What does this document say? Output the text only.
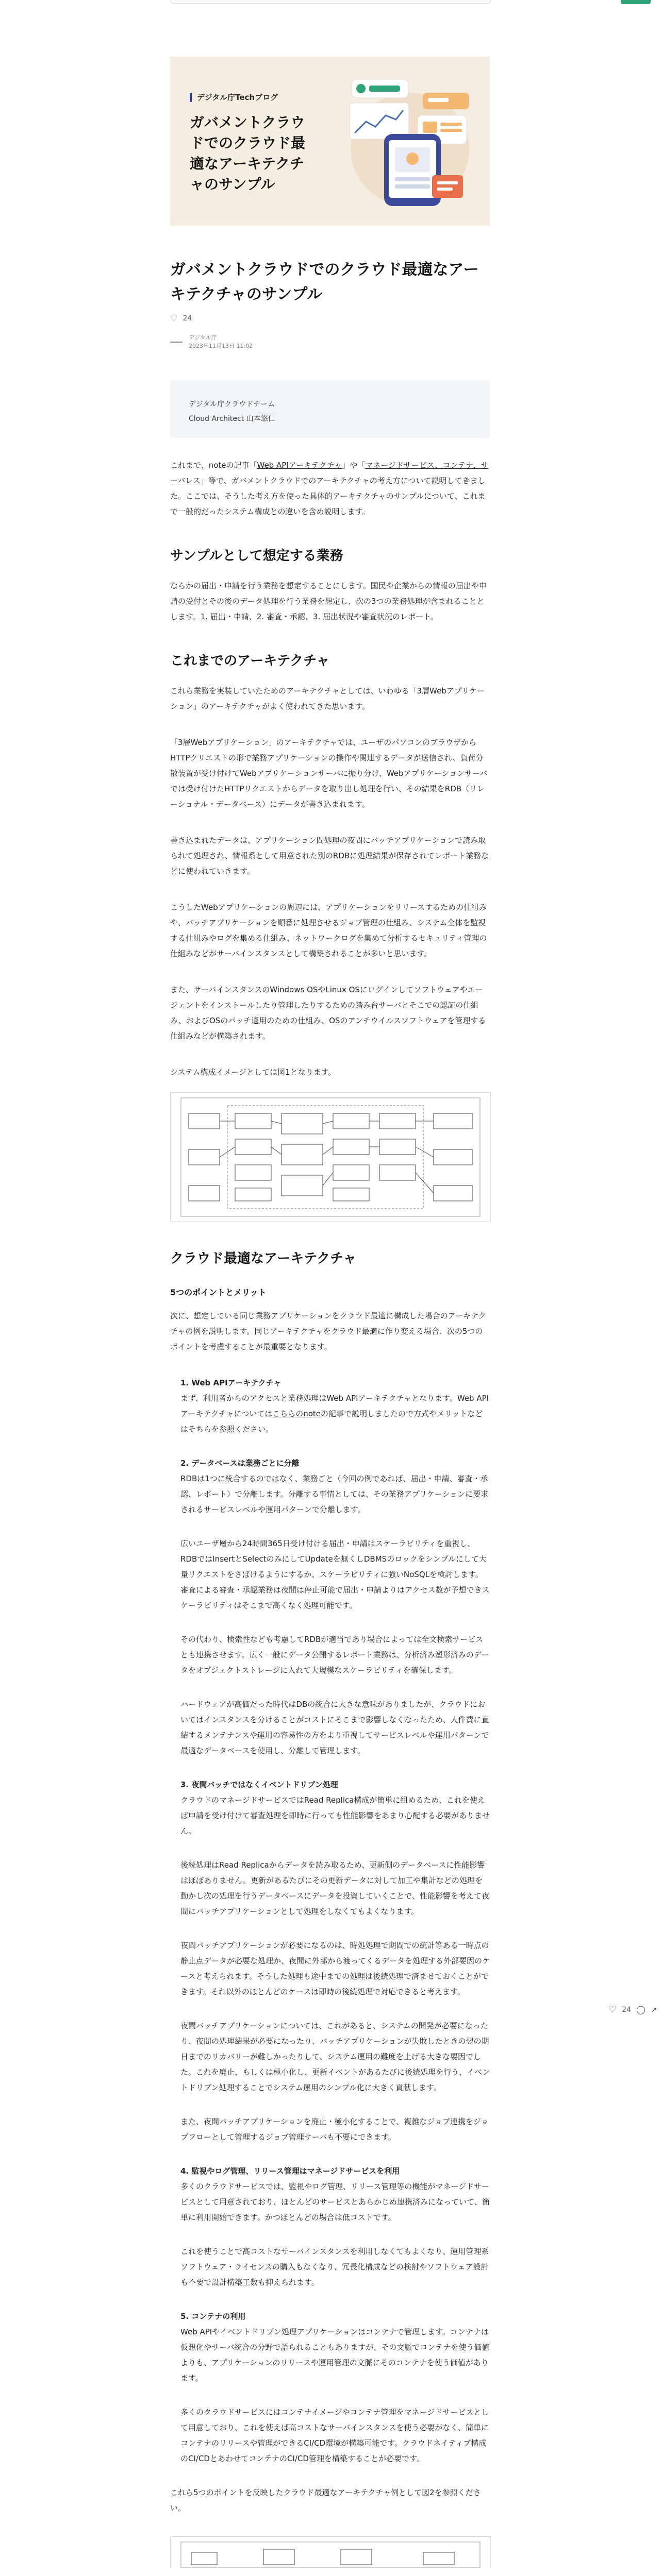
デジタル庁Techブログ
ガバメントクラウドでのクラウド最適なアーキテクチャのサンプル
ガバメントクラウドでのクラウド最適なアーキテクチャのサンプル
♡ 24
デジタル庁
2023年11月13日 11:02
デジタル庁クラウドチーム
Cloud Architect 山本悠仁

これまで、noteの記事「Web APIアーキテクチャ」や「マネージドサービス、コンテナ、サーバレス」等で、ガバメントクラウドでのアーキテクチャの考え方について説明してきました。ここでは、そうした考え方を使った具体的アーキテクチャのサンプルについて、これまで一般的だったシステム構成との違いを含め説明します。

サンプルとして想定する業務

ならかの届出・申請を行う業務を想定することにします。国民や企業からの情報の届出や申請の受付とその後のデータ処理を行う業務を想定し、次の3つの業務処理が含まれることとします。1. 届出・申請、2. 審査・承認、3. 届出状況や審査状況のレポート。

これまでのアーキテクチャ

これら業務を実装していたためのアーキテクチャとしては、いわゆる「3層Webアプリケーション」のアーキテクチャがよく使われてきた思います。

「3層Webアプリケーション」のアーキテクチャでは、ユーザのパソコンのブラウザからHTTPクリエストの形で業務アプリケーションの操作や関連するデータが送信され、負荷分散装置が受け付けてWebアプリケーションサーバに振り分け、Webアプリケーションサーバでは受け付けたHTTPリクエストからデータを取り出し処理を行い、その結果をRDB（リレーショナル・データベース）にデータが書き込まれます。

書き込まれたデータは、アプリケーション間処理の夜間にバッチアプリケーションで読み取られて処理され、情報系として用意された別のRDBに処理結果が保存されてレポート業務などに使われていきます。

こうしたWebアプリケーションの周辺には、アプリケーションをリリースするための仕組みや、バッチアプリケーションを順番に処理させるジョブ管理の仕組み、システム全体を監視する仕組みやログを集める仕組み、ネットワークログを集めて分析するセキュリティ管理の仕組みなどがサーバインスタンスとして構築されることが多いと思います。

また、サーバインスタンスのWindows OSやLinux OSにログインしてソフトウェアやエージェントをインストールしたり管理したりするための踏み台サーバとそこでの認証の仕組み、およびOSのパッチ適用のための仕組み、OSのアンチウイルスソフトウェアを管理する仕組みなどが構築されます。

システム構成イメージとしては図1となります。

クラウド最適なアーキテクチャ
5つのポイントとメリット

次に、想定している同じ業務アプリケーションをクラウド最適に構成した場合のアーキテクチャの例を説明します。同じアーキテクチャをクラウド最適に作り変える場合、次の5つのポイントを考慮することが最重要となります。

1. Web APIアーキテクチャ

まず、利用者からのアクセスと業務処理はWeb APIアーキテクチャとなります。Web APIアーキテクチャについてはこちらのnoteの記事で説明しましたので方式やメリットなどはそちらを参照ください。

2. データベースは業務ごとに分離

RDBは1つに統合するのではなく、業務ごと（今回の例であれば、届出・申請、審査・承認、レポート）で分離します。分離する事情としては、その業務アプリケーションに要求されるサービスレベルや運用パターンで分離します。

広いユーザ層から24時間365日受け付ける届出・申請はスケーラビリティを重視し、RDBではInsertとSelectのみにしてUpdateを無くしDBMSのロックをシンプルにして大量リクエストをさばけるようにするか、スケーラビリティに強いNoSQLを検討します。審査による審査・承認業務は夜間は停止可能で届出・申請よりはアクセス数が予想できスケーラビリティはそこまで高くなく処理可能です。

その代わり、検索性なども考慮してRDBが適当であり場合によっては全文検索サービスとも連携させます。広く一般にデータ公開するレポート業務は、分析済み塑形済みのデータをオブジェクトストレージに入れて大規模なスケーラビリティを確保します。

ハードウェアが高価だった時代はDBの統合に大きな意味がありましたが、クラウドにおいてはインスタンスを分けることがコストにそこまで影響しなくなったため、人件費に直結するメンテナンスや運用の容易性の方をより重視してサービスレベルや運用パターンで最適なデータベースを使用し、分離して管理します。

3. 夜間バッチではなくイベントドリブン処理

クラウドのマネージドサービスではRead Replica構成が簡単に組めるため、これを使えば申請を受け付けて審査処理を即時に行っても性能影響をあまり心配する必要がありません。

後続処理はRead Replicaからデータを読み取るため、更新側のデータベースに性能影響はほぼありません。更新があるたびにその更新データに対して加工や集計などの処理を動かし次の処理を行うデータベースにデータを投資していくことで、性能影響を考えて夜間にバッチアプリケーションとして処理をしなくてもよくなります。

夜間バッチアプリケーションが必要になるのは、時処処理で期間での統計等ある一時点の静止点データが必要な処理か、夜間に外部から渡ってくるデータを処理する外部要因のケースと考えられます。そうした処理も途中までの処理は後続処理で済ませておくことができます。それ以外のほとんどのケースは即時の後続処理で対応できると考えます。

夜間バッチアプリケーションについては、これがあると、システムの開発が必要になったり、夜間の処理結果が必要になったり、バッチアプリケーションが失敗したときの翌の期日までのリカバリーが難しかったりして、システム運用の難度を上げる大きな要因でした。これを廃止、もしくは極小化し、更新イベントがあるたびに後続処理を行う、イベントドリブン処理することでシステム運用のシンプル化に大きく貢献します。

また、夜間バッチアプリケーションを廃止・極小化することで、複雑なジョブ連携をジョブフローとして管理するジョブ管理サーバも不要にできます。

4. 監視やログ管理、リリース管理はマネージドサービスを利用

多くのクラウドサービスでは、監視やログ管理、リリース管理等の機能がマネージドサービスとして用意されており、ほとんどのサービスとあらかじめ連携済みになっていて、簡単に利用開始できます。かつほとんどの場合は低コストです。

これを使うことで高コストなサーバインスタンスを利用しなくてもよくなり、運用管理系ソフトウェア・ライセンスの購入もなくなり、冗長化構成などの検討やソフトウェア設計も不要で設計構築工数も抑えられます。

5. コンテナの利用

Web APIやイベントドリブン処理アプリケーションはコンテナで管理します。コンテナは仮想化やサーバ統合の分野で語られることもありますが、その文脈でコンテナを使う価値よりも、アプリケーションのリリースや運用管理の文脈にそのコンテナを使う価値があります。

多くのクラウドサービスにはコンテナイメージやコンテナ管理をマネージドサービスとして用意しており、これを使えば高コストなサーバインスタンスを使う必要がなく、簡単にコンテナのリリースや管理ができるCI/CD環境が構築可能です。クラウドネイティブ構成のCI/CDとあわせてコンテナのCI/CD管理を構築することが必要です。

これら5つのポイントを反映したクラウド最適なアーキテクチャ例として図2を参照ください。

♡ 24 ◯ ➚
